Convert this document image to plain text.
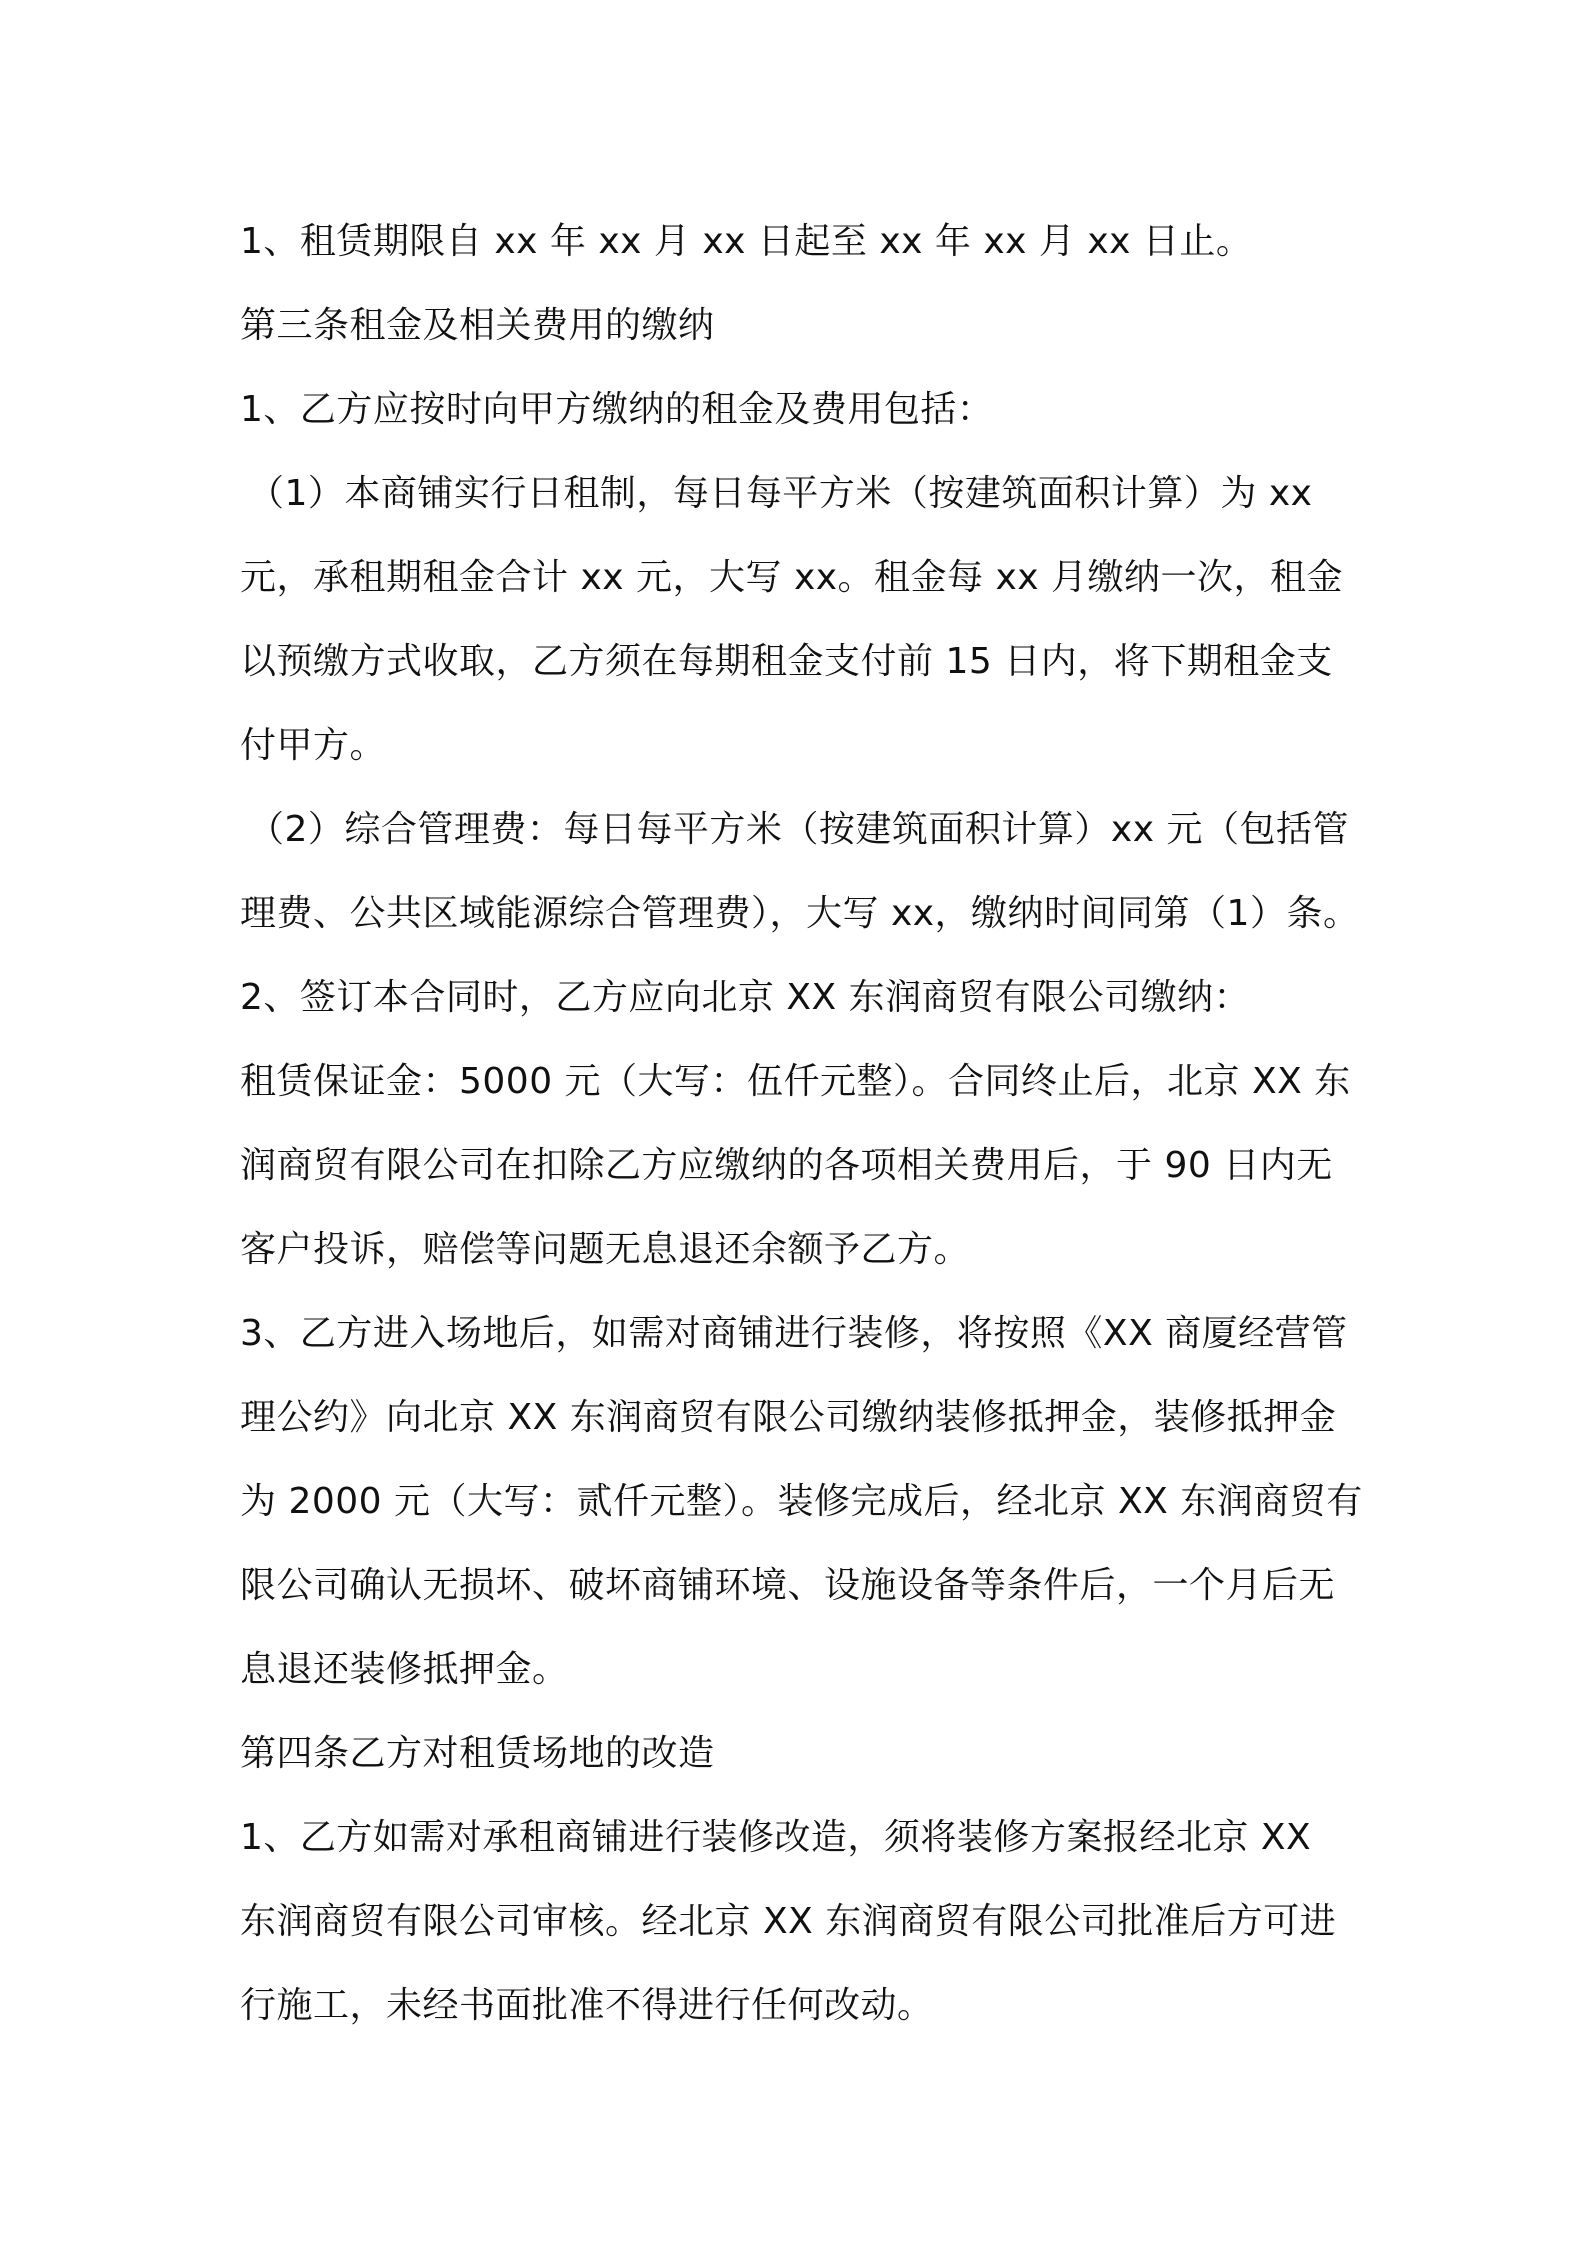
1、租赁期限自 xx 年 xx 月 xx 日起至 xx 年 xx 月 xx 日止。
第三条租金及相关费用的缴纳
1、乙方应按时向甲方缴纳的租金及费用包括：
（1）本商铺实行日租制，每日每平方米（按建筑面积计算）为 xx
元，承租期租金合计 xx 元，大写 xx。租金每 xx 月缴纳一次，租金
以预缴方式收取，乙方须在每期租金支付前 15 日内，将下期租金支
付甲方。
（2）综合管理费：每日每平方米（按建筑面积计算）xx 元（包括管
理费、公共区域能源综合管理费），大写 xx，缴纳时间同第（1）条。
2、签订本合同时，乙方应向北京 XX 东润商贸有限公司缴纳：
租赁保证金：5000 元（大写：伍仟元整）。合同终止后，北京 XX 东
润商贸有限公司在扣除乙方应缴纳的各项相关费用后，于 90 日内无
客户投诉，赔偿等问题无息退还余额予乙方。
3、乙方进入场地后，如需对商铺进行装修，将按照《XX 商厦经营管
理公约》向北京 XX 东润商贸有限公司缴纳装修抵押金，装修抵押金
为 2000 元（大写：贰仟元整）。装修完成后，经北京 XX 东润商贸有
限公司确认无损坏、破坏商铺环境、设施设备等条件后，一个月后无
息退还装修抵押金。
第四条乙方对租赁场地的改造
1、乙方如需对承租商铺进行装修改造，须将装修方案报经北京 XX
东润商贸有限公司审核。经北京 XX 东润商贸有限公司批准后方可进
行施工，未经书面批准不得进行任何改动。
